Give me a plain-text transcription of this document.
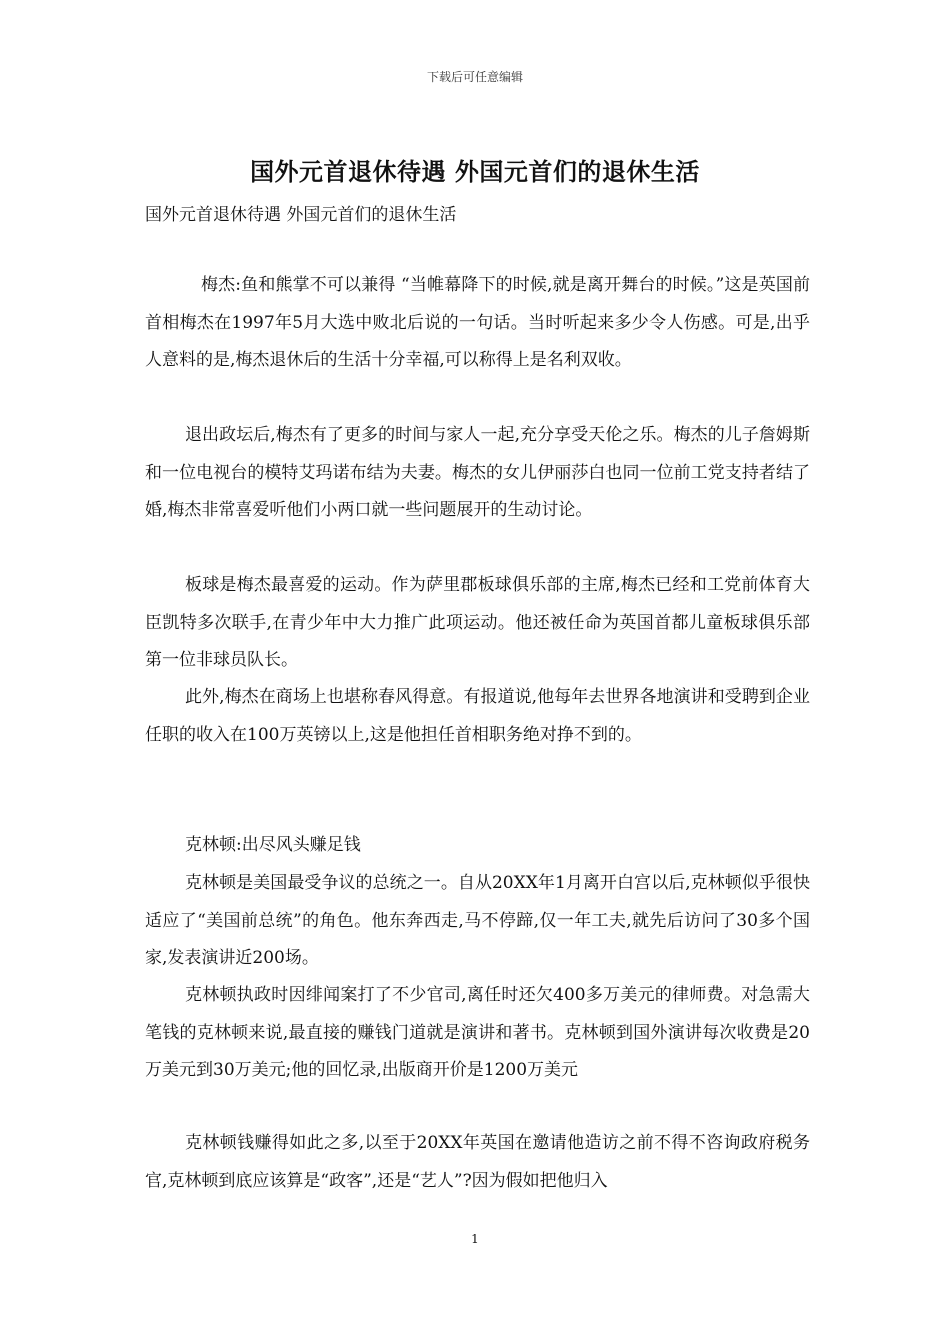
下载后可任意编辑
国外元首退休待遇 外国元首们的退休生活
国外元首退休待遇 外国元首们的退休生活

梅杰:鱼和熊掌不可以兼得 “当帷幕降下的时候,就是离开舞台的时候。”这是英国前首相梅杰在1997年5月大选中败北后说的一句话。当时听起来多少令人伤感。可是,出乎人意料的是,梅杰退休后的生活十分幸福,可以称得上是名利双收。

退出政坛后,梅杰有了更多的时间与家人一起,充分享受天伦之乐。梅杰的儿子詹姆斯和一位电视台的模特艾玛诺布结为夫妻。梅杰的女儿伊丽莎白也同一位前工党支持者结了婚,梅杰非常喜爱听他们小两口就一些问题展开的生动讨论。

板球是梅杰最喜爱的运动。作为萨里郡板球俱乐部的主席,梅杰已经和工党前体育大臣凯特多次联手,在青少年中大力推广此项运动。他还被任命为英国首都儿童板球俱乐部第一位非球员队长。

此外,梅杰在商场上也堪称春风得意。有报道说,他每年去世界各地演讲和受聘到企业任职的收入在100万英镑以上,这是他担任首相职务绝对挣不到的。

克林顿:出尽风头赚足钱

克林顿是美国最受争议的总统之一。自从20XX年1月离开白宫以后,克林顿似乎很快适应了“美国前总统”的角色。他东奔西走,马不停蹄,仅一年工夫,就先后访问了30多个国家,发表演讲近200场。

克林顿执政时因绯闻案打了不少官司,离任时还欠400多万美元的律师费。对急需大笔钱的克林顿来说,最直接的赚钱门道就是演讲和著书。克林顿到国外演讲每次收费是20万美元到30万美元;他的回忆录,出版商开价是1200万美元

克林顿钱赚得如此之多,以至于20XX年英国在邀请他造访之前不得不咨询政府税务官,克林顿到底应该算是“政客”,还是“艺人”?因为假如把他归入

1
